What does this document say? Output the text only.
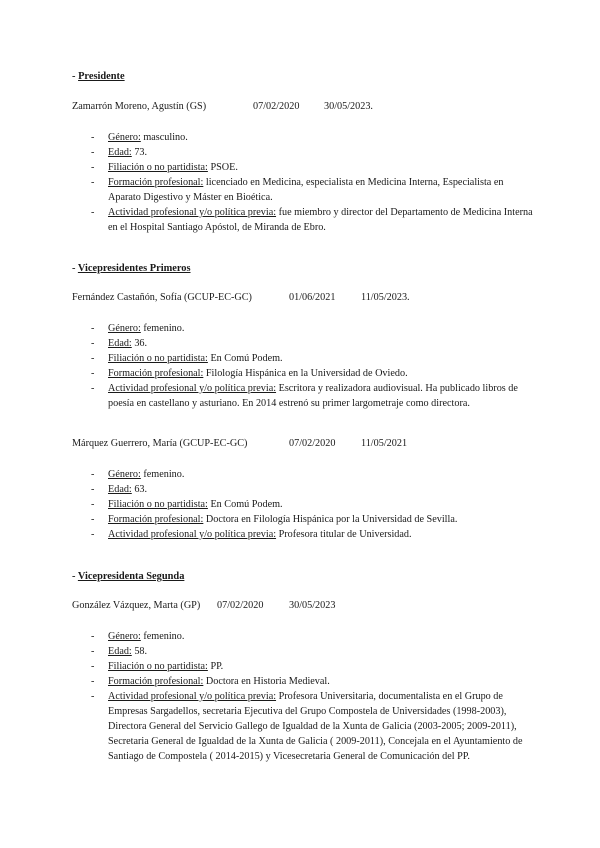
- Presidente
Zamarrón Moreno, Agustín (GS)	07/02/2020 30/05/2023.
- Género: masculino.
- Edad: 73.
- Filiación o no partidista: PSOE.
- Formación profesional: licenciado en Medicina, especialista en Medicina Interna, Especialista en Aparato Digestivo y Máster en Bioética.
- Actividad profesional y/o política previa: fue miembro y director del Departamento de Medicina Interna en el Hospital Santiago Apóstol, de Miranda de Ebro.
- Vicepresidentes Primeros
Fernández Castañón, Sofía (GCUP-EC-GC)	01/06/2021	11/05/2023.
- Género: femenino.
- Edad: 36.
- Filiación o no partidista: En Comú Podem.
- Formación profesional: Filología Hispánica en la Universidad de Oviedo.
- Actividad profesional y/o política previa: Escritora y realizadora audiovisual. Ha publicado libros de poesía en castellano y asturiano. En 2014 estrenó su primer largometraje como directora.
Márquez Guerrero, María (GCUP-EC-GC)	07/02/2020	11/05/2021
- Género: femenino.
- Edad: 63.
- Filiación o no partidista: En Comú Podem.
- Formación profesional: Doctora en Filología Hispánica por la Universidad de Sevilla.
- Actividad profesional y/o política previa: Profesora titular de Universidad.
- Vicepresidenta Segunda
González Vázquez, Marta (GP) 07/02/2020	30/05/2023
- Género: femenino.
- Edad: 58.
- Filiación o no partidista: PP.
- Formación profesional: Doctora en Historia Medieval.
- Actividad profesional y/o política previa: Profesora Universitaria, documentalista en el Grupo de Empresas Sargadellos, secretaria Ejecutiva del Grupo Compostela de Universidades (1998-2003), Directora General del Servicio Gallego de Igualdad de la Xunta de Galicia (2003-2005; 2009-2011), Secretaria General de Igualdad de la Xunta de Galicia ( 2009-2011), Concejala en el Ayuntamiento de Santiago de Compostela ( 2014-2015) y Vicesecretaria General de Comunicación del PP.
